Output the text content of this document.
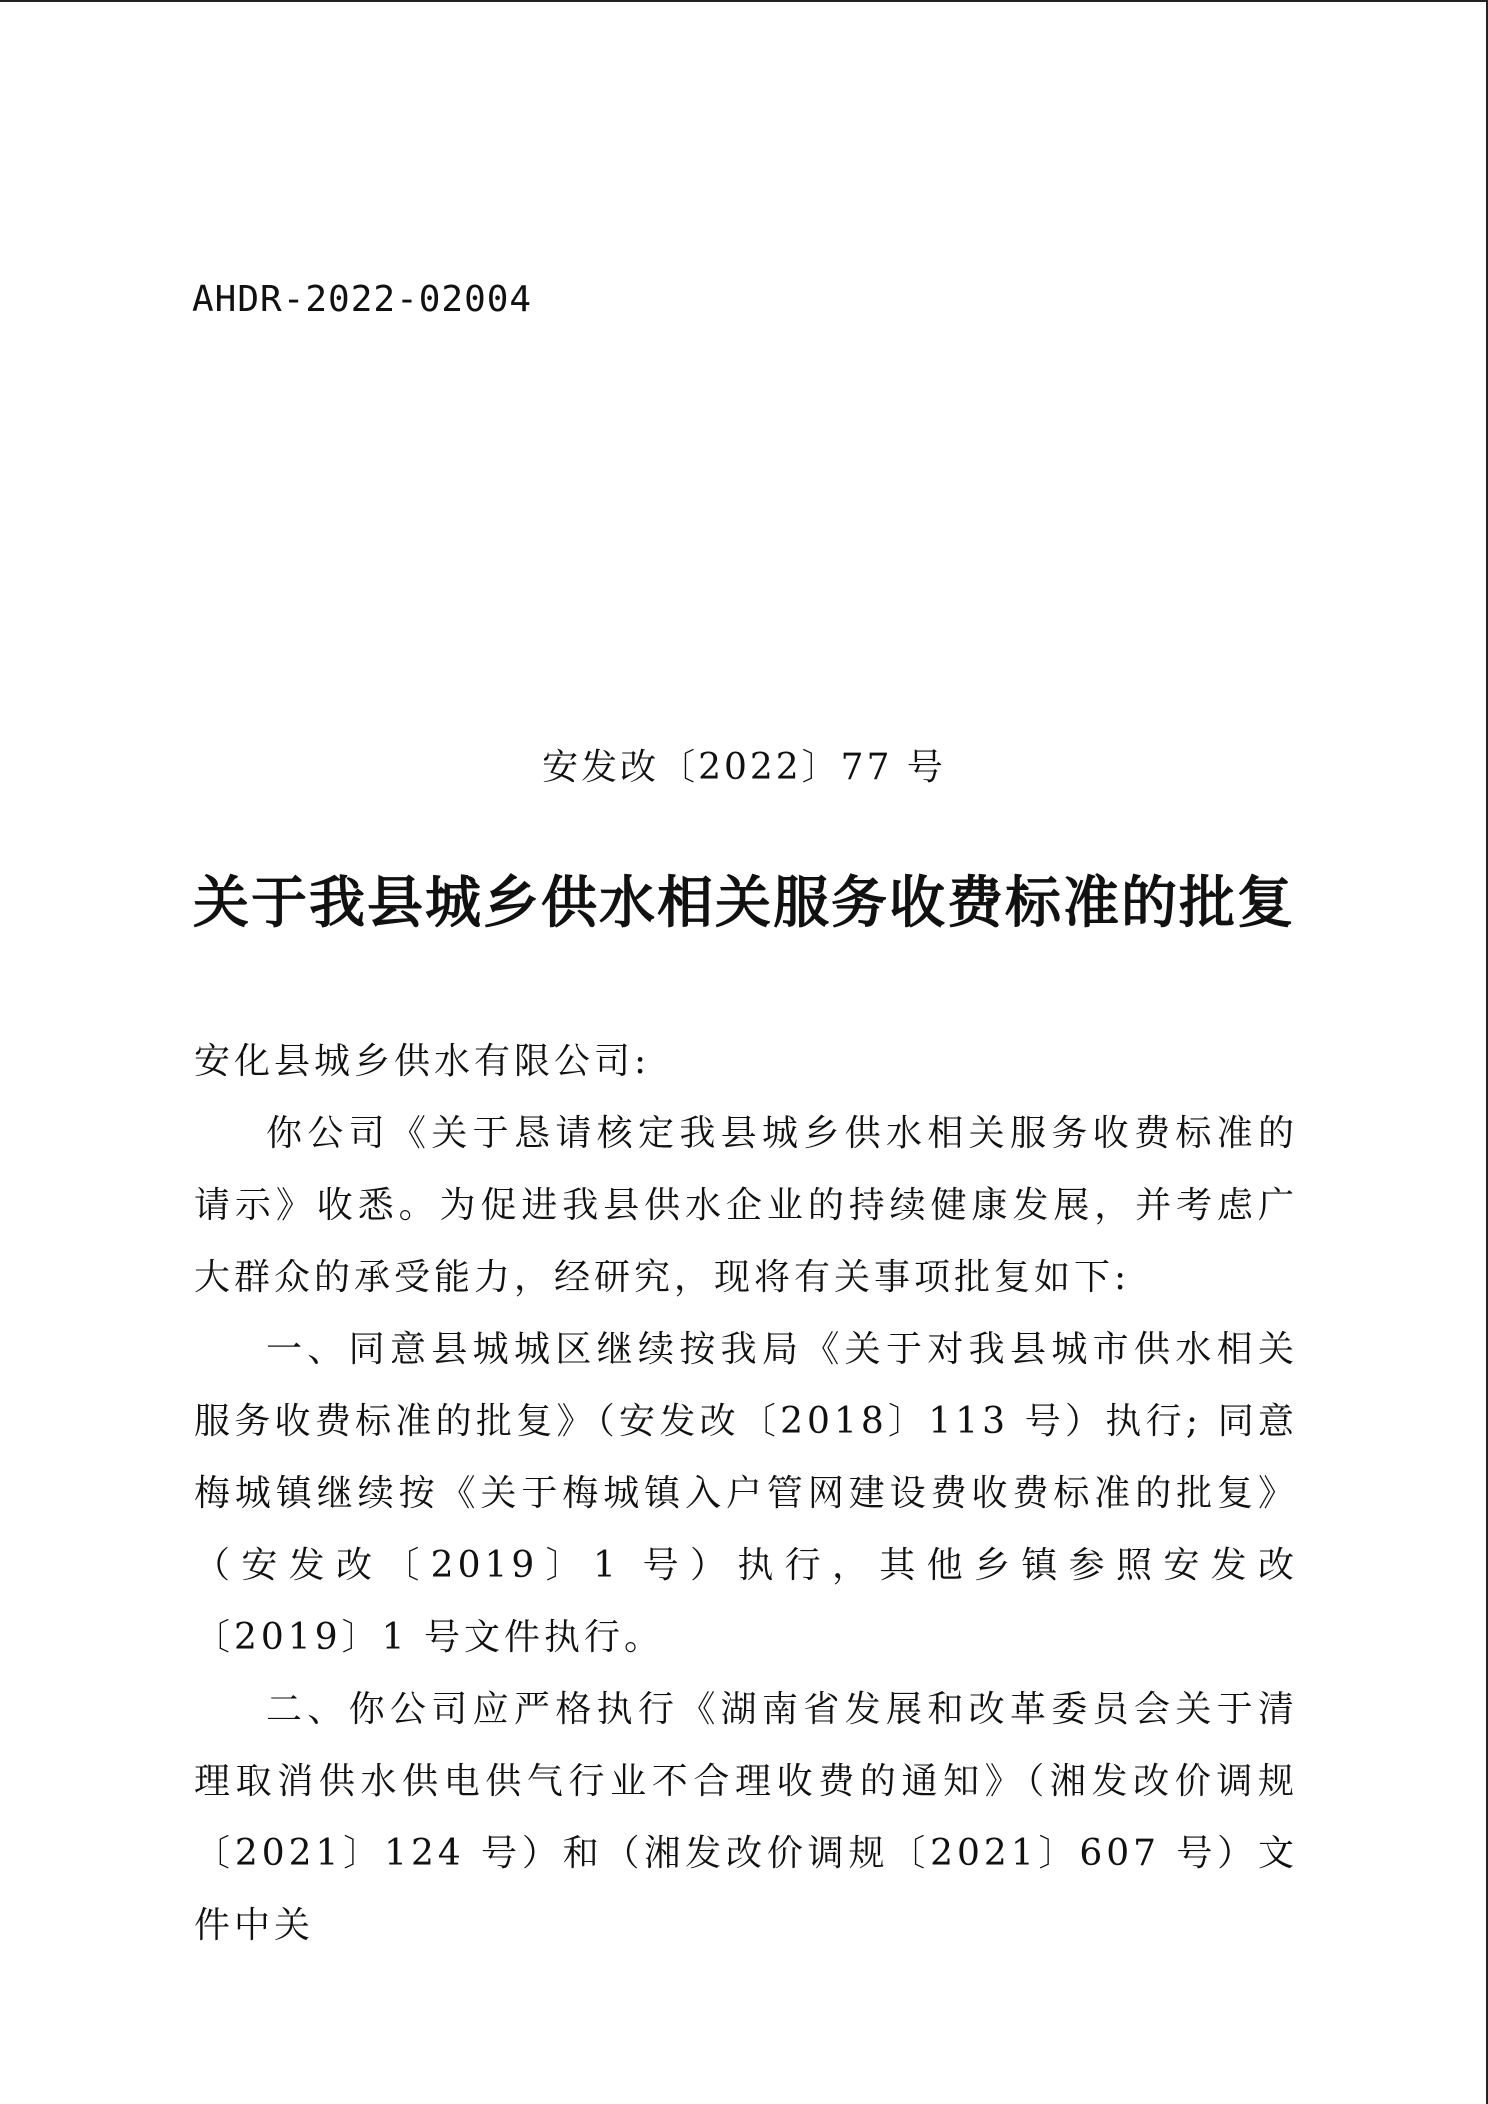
AHDR-2022-02004
安发改〔2022〕77 号
关于我县城乡供水相关服务收费标准的批复

安化县城乡供水有限公司:

你公司《关于恳请核定我县城乡供水相关服务收费标准的请示》收悉。为促进我县供水企业的持续健康发展，并考虑广大群众的承受能力，经研究，现将有关事项批复如下:

一、同意县城城区继续按我局《关于对我县城市供水相关服务收费标准的批复》（安发改〔2018〕113 号）执行; 同意梅城镇继续按《关于梅城镇入户管网建设费收费标准的批复》（安发改〔2019〕1 号）执行，其他乡镇参照安发改〔2019〕1 号文件执行。

二、你公司应严格执行《湖南省发展和改革委员会关于清理取消供水供电供气行业不合理收费的通知》（湘发改价调规〔2021〕124 号）和（湘发改价调规〔2021〕607 号）文件中关
